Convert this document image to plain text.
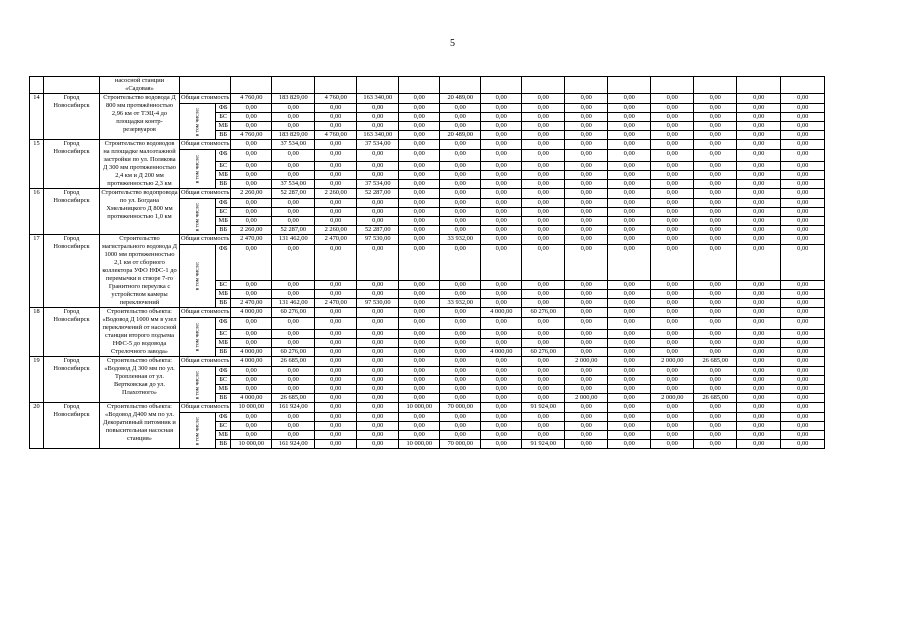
5
		насосной станции «Садовая»																
14	Город Новосибирск	Строительство водовода Д 800 мм протяжённостью 2,96 км от ТЭЦ-4 до площадки контр-резервуаров	Общая стоимость		4 760,00	183 829,00	4 760,00	163 340,00	0,00	20 489,00	0,00	0,00	0,00	0,00	0,00	0,00	0,00	0,00
			в том числе:	ФБ	0,00	0,00	0,00	0,00	0,00	0,00	0,00	0,00	0,00	0,00	0,00	0,00	0,00	0,00
				БС	0,00	0,00	0,00	0,00	0,00	0,00	0,00	0,00	0,00	0,00	0,00	0,00	0,00	0,00
				МБ	0,00	0,00	0,00	0,00	0,00	0,00	0,00	0,00	0,00	0,00	0,00	0,00	0,00	0,00
				ВБ	4 760,00	183 829,00	4 760,00	163 340,00	0,00	20 489,00	0,00	0,00	0,00	0,00	0,00	0,00	0,00	0,00
15	Город Новосибирск	Строительство водоводов на площадке малоэтажной застройки по ул. Полякова Д 300 мм протяженностью 2,4 км и Д 200 мм протяженностью 2,3 км	Общая стоимость		0,00	37 534,00	0,00	37 534,00	0,00	0,00	0,00	0,00	0,00	0,00	0,00	0,00	0,00	0,00
			в том числе:	ФБ	0,00	0,00	0,00	0,00	0,00	0,00	0,00	0,00	0,00	0,00	0,00	0,00	0,00	0,00
				БС	0,00	0,00	0,00	0,00	0,00	0,00	0,00	0,00	0,00	0,00	0,00	0,00	0,00	0,00
				МБ	0,00	0,00	0,00	0,00	0,00	0,00	0,00	0,00	0,00	0,00	0,00	0,00	0,00	0,00
				ВБ	0,00	37 534,00	0,00	37 534,00	0,00	0,00	0,00	0,00	0,00	0,00	0,00	0,00	0,00	0,00
16	Город Новосибирск	Строительство водопровода по ул. Богдана Хмельницкого Д 800 мм протяженностью 1,0 км	Общая стоимость		2 260,00	52 287,00	2 260,00	52 287,00	0,00	0,00	0,00	0,00	0,00	0,00	0,00	0,00	0,00	0,00
			в том числе:	ФБ	0,00	0,00	0,00	0,00	0,00	0,00	0,00	0,00	0,00	0,00	0,00	0,00	0,00	0,00
				БС	0,00	0,00	0,00	0,00	0,00	0,00	0,00	0,00	0,00	0,00	0,00	0,00	0,00	0,00
				МБ	0,00	0,00	0,00	0,00	0,00	0,00	0,00	0,00	0,00	0,00	0,00	0,00	0,00	0,00
				ВБ	2 260,00	52 287,00	2 260,00	52 287,00	0,00	0,00	0,00	0,00	0,00	0,00	0,00	0,00	0,00	0,00
17	Город Новосибирск	Строительство магистрального водовода Д 1000 мм протяженностью 2,1 км от сборного коллектора УФО НФС-1 до перемычки в створе 7-го Гранитного переулка с устройством камеры переключений	Общая стоимость		2 470,00	131 462,00	2 470,00	97 530,00	0,00	33 932,00	0,00	0,00	0,00	0,00	0,00	0,00	0,00	0,00
			в том числе:	ФБ	0,00	0,00	0,00	0,00	0,00	0,00	0,00	0,00	0,00	0,00	0,00	0,00	0,00	0,00
				БС	0,00	0,00	0,00	0,00	0,00	0,00	0,00	0,00	0,00	0,00	0,00	0,00	0,00	0,00
				МБ	0,00	0,00	0,00	0,00	0,00	0,00	0,00	0,00	0,00	0,00	0,00	0,00	0,00	0,00
				ВБ	2 470,00	131 462,00	2 470,00	97 530,00	0,00	33 932,00	0,00	0,00	0,00	0,00	0,00	0,00	0,00	0,00
18	Город Новосибирск	Строительство объекта: «Водовод Д 1000 мм в узел переключений от насосной станции второго подъема НФС-5 до водовода Стрелочного завода»	Общая стоимость		4 000,00	60 276,00	0,00	0,00	0,00	0,00	4 000,00	60 276,00	0,00	0,00	0,00	0,00	0,00	0,00
			в том числе:	ФБ	0,00	0,00	0,00	0,00	0,00	0,00	0,00	0,00	0,00	0,00	0,00	0,00	0,00	0,00
				БС	0,00	0,00	0,00	0,00	0,00	0,00	0,00	0,00	0,00	0,00	0,00	0,00	0,00	0,00
				МБ	0,00	0,00	0,00	0,00	0,00	0,00	0,00	0,00	0,00	0,00	0,00	0,00	0,00	0,00
				ВБ	4 000,00	60 276,00	0,00	0,00	0,00	0,00	4 000,00	60 276,00	0,00	0,00	0,00	0,00	0,00	0,00
19	Город Новосибирск	Строительство объекта: «Водовод Д 300 мм по ул. Тропленная от ул. Вертковская до ул. Плахотного»	Общая стоимость		4 000,00	26 685,00	0,00	0,00	0,00	0,00	0,00	0,00	2 000,00	0,00	2 000,00	26 685,00	0,00	0,00
			в том числе:	ФБ	0,00	0,00	0,00	0,00	0,00	0,00	0,00	0,00	0,00	0,00	0,00	0,00	0,00	0,00
				БС	0,00	0,00	0,00	0,00	0,00	0,00	0,00	0,00	0,00	0,00	0,00	0,00	0,00	0,00
				МБ	0,00	0,00	0,00	0,00	0,00	0,00	0,00	0,00	0,00	0,00	0,00	0,00	0,00	0,00
				ВБ	4 000,00	26 685,00	0,00	0,00	0,00	0,00	0,00	0,00	2 000,00	0,00	2 000,00	26 685,00	0,00	0,00
20	Город Новосибирск	Строительство объекта: «Водовод Д400 мм по ул. Декоративный питомник и повысительная насосная станция»	Общая стоимость		10 000,00	161 924,00	0,00	0,00	10 000,00	70 000,00	0,00	91 924,00	0,00	0,00	0,00	0,00	0,00	0,00
			в том числе:	ФБ	0,00	0,00	0,00	0,00	0,00	0,00	0,00	0,00	0,00	0,00	0,00	0,00	0,00	0,00
				БС	0,00	0,00	0,00	0,00	0,00	0,00	0,00	0,00	0,00	0,00	0,00	0,00	0,00	0,00
				МБ	0,00	0,00	0,00	0,00	0,00	0,00	0,00	0,00	0,00	0,00	0,00	0,00	0,00	0,00
				ВБ	10 000,00	161 924,00	0,00	0,00	10 000,00	70 000,00	0,00	91 924,00	0,00	0,00	0,00	0,00	0,00	0,00
